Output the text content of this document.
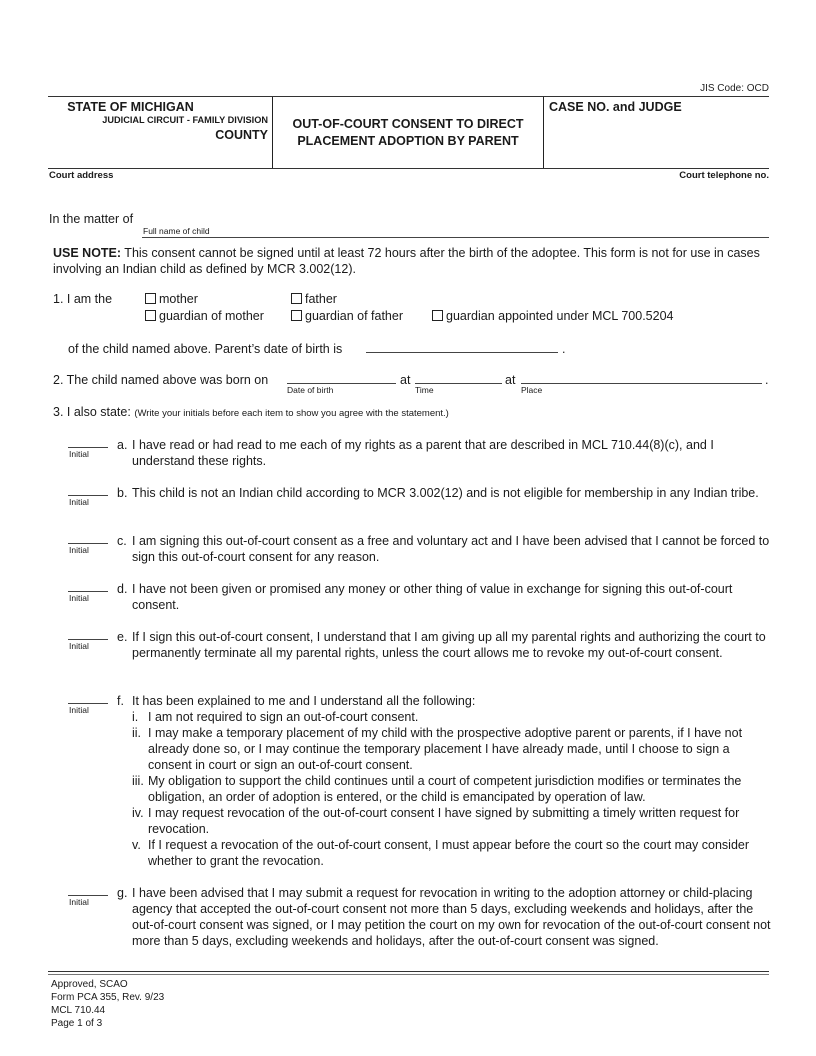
JIS Code: OCD
STATE OF MICHIGAN
JUDICIAL CIRCUIT - FAMILY DIVISION
COUNTY
OUT-OF-COURT CONSENT TO DIRECT
PLACEMENT ADOPTION BY PARENT
CASE NO. and JUDGE
Court address	Court telephone no.
In the matter of
Full name of child
USE NOTE: This consent cannot be signed until at least 72 hours after the birth of the adoptee. This form is not for use in cases involving an Indian child as defined by MCR 3.002(12).
1. I am the	mother	father
guardian of mother	guardian of father	guardian appointed under MCL 700.5204
of the child named above. Parent’s date of birth is	.
2. The child named above was born on
Date of birth
at
Time
at
Place
.
3. I also state: (Write your initials before each item to show you agree with the statement.)
Initial
a. I have read or had read to me each of my rights as a parent that are described in MCL 710.44(8)(c), and I understand these rights.
Initial
b. This child is not an Indian child according to MCR 3.002(12) and is not eligible for membership in any Indian tribe.
Initial
c. I am signing this out-of-court consent as a free and voluntary act and I have been advised that I cannot be forced to sign this out-of-court consent for any reason.
Initial
d. I have not been given or promised any money or other thing of value in exchange for signing this out-of-court consent.
Initial
e. If I sign this out-of-court consent, I understand that I am giving up all my parental rights and authorizing the court to permanently terminate all my parental rights, unless the court allows me to revoke my out-of-court consent.
Initial
f. It has been explained to me and I understand all the following:
i. I am not required to sign an out-of-court consent.
ii. I may make a temporary placement of my child with the prospective adoptive parent or parents, if I have not already done so, or I may continue the temporary placement I have already made, until I choose to sign a consent in court or sign an out-of-court consent.
iii. My obligation to support the child continues until a court of competent jurisdiction modifies or terminates the obligation, an order of adoption is entered, or the child is emancipated by operation of law.
iv. I may request revocation of the out-of-court consent I have signed by submitting a timely written request for revocation.
v. If I request a revocation of the out-of-court consent, I must appear before the court so the court may consider whether to grant the revocation.
Initial
g. I have been advised that I may submit a request for revocation in writing to the adoption attorney or child-placing agency that accepted the out-of-court consent not more than 5 days, excluding weekends and holidays, after the out-of-court consent was signed, or I may petition the court on my own for revocation of the out-of-court consent not more than 5 days, excluding weekends and holidays, after the out-of-court consent was signed.
Approved, SCAO
Form PCA 355, Rev. 9/23
MCL 710.44
Page 1 of 3
